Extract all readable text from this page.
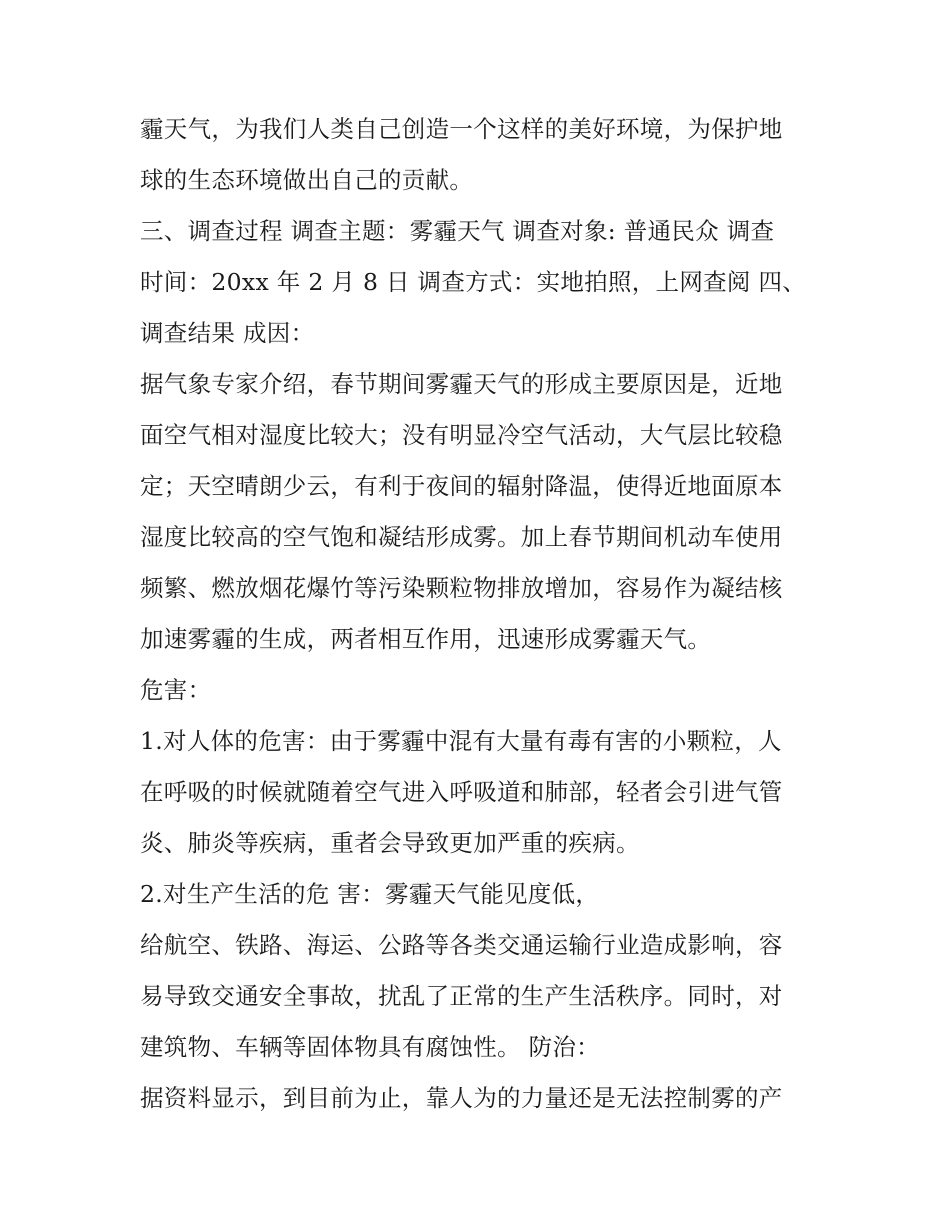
霾天气，为我们人类自己创造一个这样的美好环境，为保护地
球的生态环境做出自己的贡献。
三、调查过程 调查主题：雾霾天气 调查对象: 普通民众 调查
时间：20xx 年 2 月 8 日 调查方式：实地拍照，上网查阅 四、
调查结果 成因：
据气象专家介绍，春节期间雾霾天气的形成主要原因是，近地
面空气相对湿度比较大；没有明显冷空气活动，大气层比较稳
定；天空晴朗少云，有利于夜间的辐射降温，使得近地面原本
湿度比较高的空气饱和凝结形成雾。加上春节期间机动车使用
频繁、燃放烟花爆竹等污染颗粒物排放增加，容易作为凝结核
加速雾霾的生成，两者相互作用，迅速形成雾霾天气。
危害：
1.对人体的危害：由于雾霾中混有大量有毒有害的小颗粒，人
在呼吸的时候就随着空气进入呼吸道和肺部，轻者会引进气管
炎、肺炎等疾病，重者会导致更加严重的疾病。
2.对生产生活的危 害：雾霾天气能见度低，
给航空、铁路、海运、公路等各类交通运输行业造成影响，容
易导致交通安全事故，扰乱了正常的生产生活秩序。同时，对
建筑物、车辆等固体物具有腐蚀性。 防治：
据资料显示，到目前为止，靠人为的力量还是无法控制雾的产
